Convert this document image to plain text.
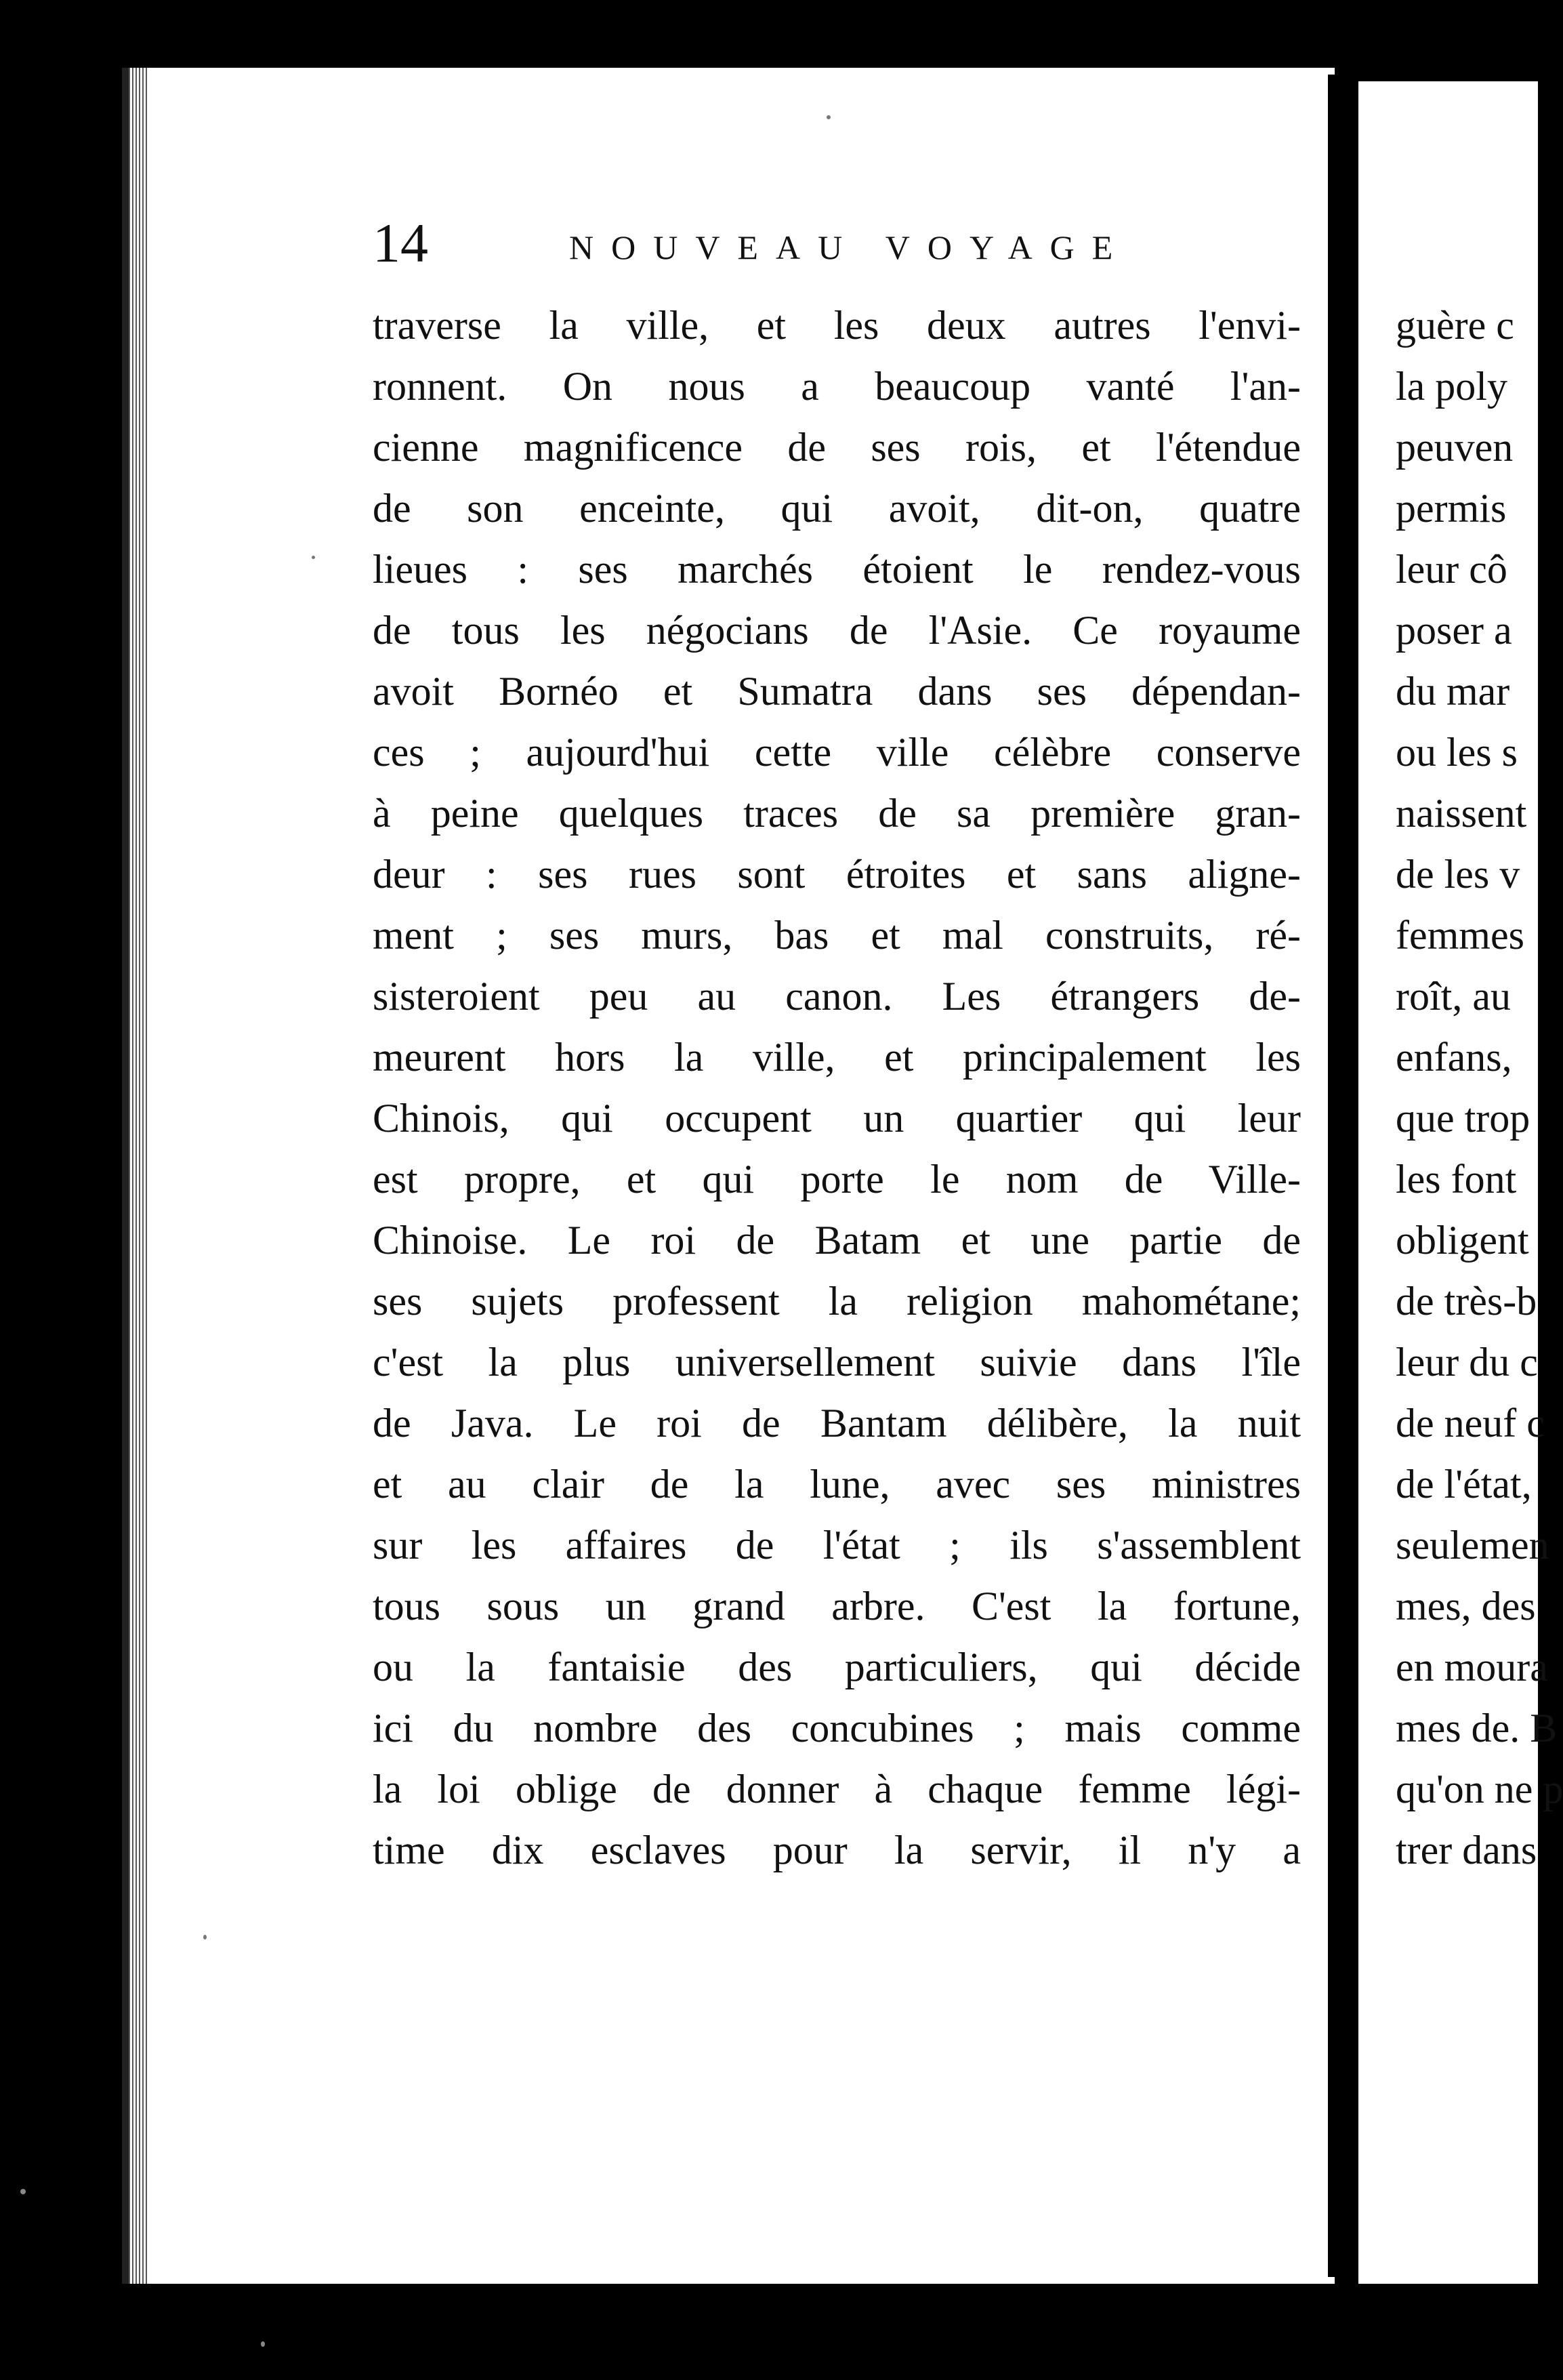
14	NOUVEAU VOYAGE
traverse la ville, et les deux autres l'envi-
ronnent. On nous a beaucoup vanté l'an-
cienne magnificence de ses rois, et l'étendue
de son enceinte, qui avoit, dit-on, quatre
lieues : ses marchés étoient le rendez-vous
de tous les négocians de l'Asie. Ce royaume
avoit Bornéo et Sumatra dans ses dépendan-
ces ; aujourd'hui cette ville célèbre conserve
à peine quelques traces de sa première gran-
deur : ses rues sont étroites et sans aligne-
ment ; ses murs, bas et mal construits, ré-
sisteroient peu au canon. Les étrangers de-
meurent hors la ville, et principalement les
Chinois, qui occupent un quartier qui leur
est propre, et qui porte le nom de Ville-
Chinoise. Le roi de Batam et une partie de
ses sujets professent la religion mahométane;
c'est la plus universellement suivie dans l'île
de Java. Le roi de Bantam délibère, la nuit
et au clair de la lune, avec ses ministres
sur les affaires de l'état ; ils s'assemblent
tous sous un grand arbre. C'est la fortune,
ou la fantaisie des particuliers, qui décide
ici du nombre des concubines ; mais comme
la loi oblige de donner à chaque femme légi-
time dix esclaves pour la servir, il n'y a
guère c
la poly
peuven
permis
leur cô
poser a
du mar
ou les s
naissent
de les v
femmes
roît, au
enfans,
que trop
les font
obligent
de très-b
leur du c
de neuf c
de l'état,
seulemen
mes, des
en moura
mes de. B
qu'on ne p
trer dans
